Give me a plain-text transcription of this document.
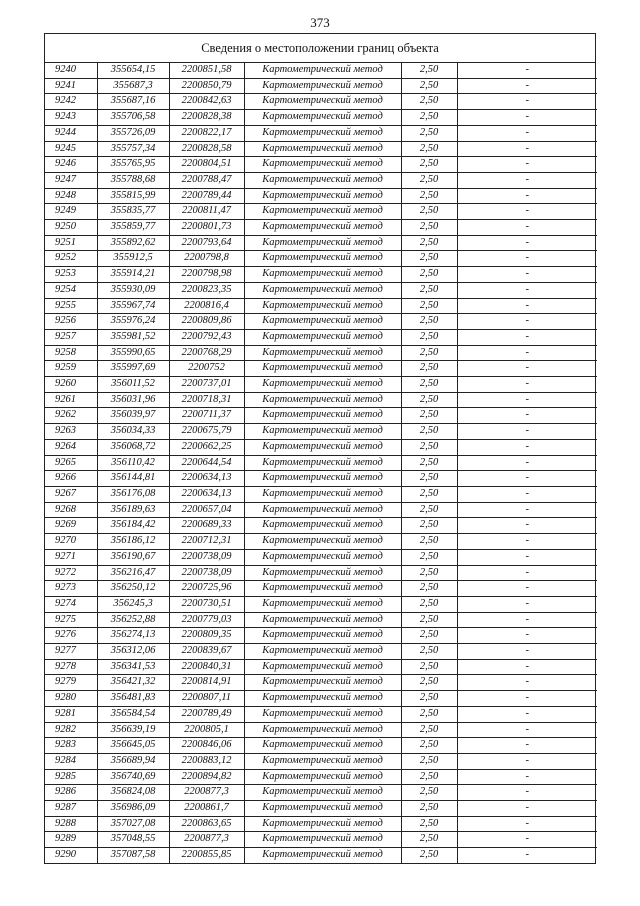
373
Сведения о местоположении границ объекта
9240	355654,15	2200851,58	Картометрический метод	2,50	-
9241	355687,3	2200850,79	Картометрический метод	2,50	-
9242	355687,16	2200842,63	Картометрический метод	2,50	-
9243	355706,58	2200828,38	Картометрический метод	2,50	-
9244	355726,09	2200822,17	Картометрический метод	2,50	-
9245	355757,34	2200828,58	Картометрический метод	2,50	-
9246	355765,95	2200804,51	Картометрический метод	2,50	-
9247	355788,68	2200788,47	Картометрический метод	2,50	-
9248	355815,99	2200789,44	Картометрический метод	2,50	-
9249	355835,77	2200811,47	Картометрический метод	2,50	-
9250	355859,77	2200801,73	Картометрический метод	2,50	-
9251	355892,62	2200793,64	Картометрический метод	2,50	-
9252	355912,5	2200798,8	Картометрический метод	2,50	-
9253	355914,21	2200798,98	Картометрический метод	2,50	-
9254	355930,09	2200823,35	Картометрический метод	2,50	-
9255	355967,74	2200816,4	Картометрический метод	2,50	-
9256	355976,24	2200809,86	Картометрический метод	2,50	-
9257	355981,52	2200792,43	Картометрический метод	2,50	-
9258	355990,65	2200768,29	Картометрический метод	2,50	-
9259	355997,69	2200752	Картометрический метод	2,50	-
9260	356011,52	2200737,01	Картометрический метод	2,50	-
9261	356031,96	2200718,31	Картометрический метод	2,50	-
9262	356039,97	2200711,37	Картометрический метод	2,50	-
9263	356034,33	2200675,79	Картометрический метод	2,50	-
9264	356068,72	2200662,25	Картометрический метод	2,50	-
9265	356110,42	2200644,54	Картометрический метод	2,50	-
9266	356144,81	2200634,13	Картометрический метод	2,50	-
9267	356176,08	2200634,13	Картометрический метод	2,50	-
9268	356189,63	2200657,04	Картометрический метод	2,50	-
9269	356184,42	2200689,33	Картометрический метод	2,50	-
9270	356186,12	2200712,31	Картометрический метод	2,50	-
9271	356190,67	2200738,09	Картометрический метод	2,50	-
9272	356216,47	2200738,09	Картометрический метод	2,50	-
9273	356250,12	2200725,96	Картометрический метод	2,50	-
9274	356245,3	2200730,51	Картометрический метод	2,50	-
9275	356252,88	2200779,03	Картометрический метод	2,50	-
9276	356274,13	2200809,35	Картометрический метод	2,50	-
9277	356312,06	2200839,67	Картометрический метод	2,50	-
9278	356341,53	2200840,31	Картометрический метод	2,50	-
9279	356421,32	2200814,91	Картометрический метод	2,50	-
9280	356481,83	2200807,11	Картометрический метод	2,50	-
9281	356584,54	2200789,49	Картометрический метод	2,50	-
9282	356639,19	2200805,1	Картометрический метод	2,50	-
9283	356645,05	2200846,06	Картометрический метод	2,50	-
9284	356689,94	2200883,12	Картометрический метод	2,50	-
9285	356740,69	2200894,82	Картометрический метод	2,50	-
9286	356824,08	2200877,3	Картометрический метод	2,50	-
9287	356986,09	2200861,7	Картометрический метод	2,50	-
9288	357027,08	2200863,65	Картометрический метод	2,50	-
9289	357048,55	2200877,3	Картометрический метод	2,50	-
9290	357087,58	2200855,85	Картометрический метод	2,50	-
